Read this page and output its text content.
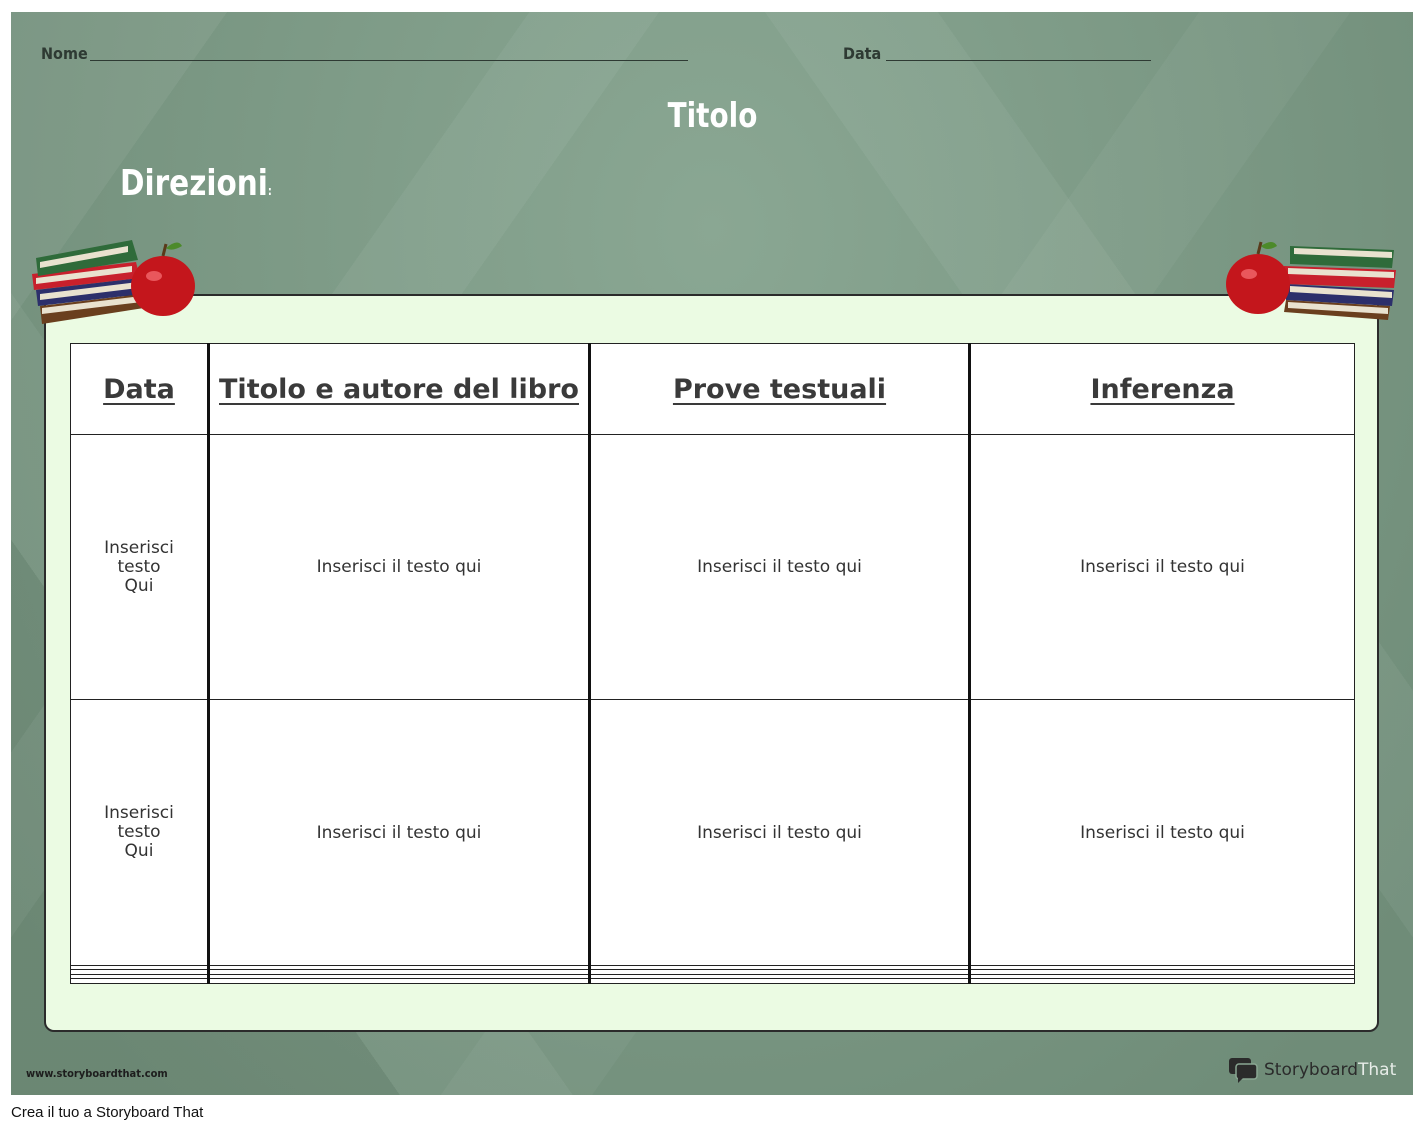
Nome	Data
Titolo
Direzioni:
Data	Titolo e autore del libro	Prove testuali	Inferenza
Inserisci
testo
Qui	Inserisci il testo qui	Inserisci il testo qui	Inserisci il testo qui
Inserisci
testo
Qui	Inserisci il testo qui	Inserisci il testo qui	Inserisci il testo qui

www.storyboardthat.com	StoryboardThat
Crea il tuo a Storyboard That
